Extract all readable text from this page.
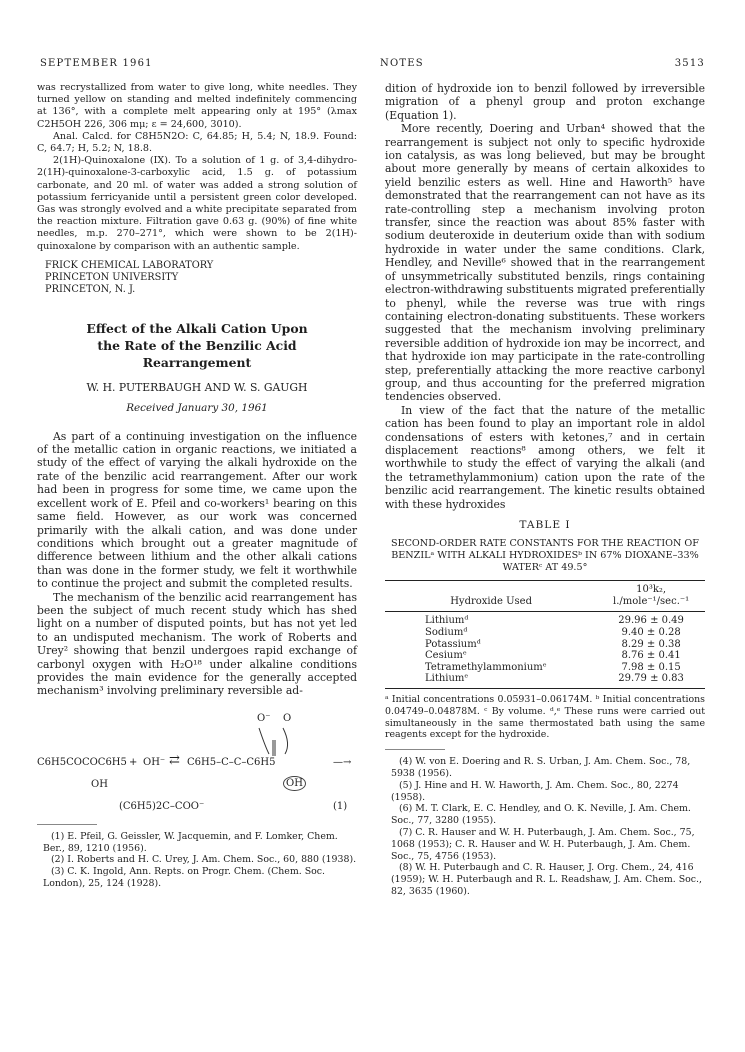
SEPTEMBER 1961	NOTES	3513

was recrystallized from water to give long, white needles. They turned yellow on standing and melted indefinitely commencing at 136°, with a complete melt appearing only at 195° (λmax C2H5OH 226, 306 mμ; ε = 24,600, 3010).

Anal. Calcd. for C8H5N2O: C, 64.85; H, 5.4; N, 18.9. Found: C, 64.7; H, 5.2; N, 18.8.

2(1H)-Quinoxalone (IX). To a solution of 1 g. of 3,4-dihydro-2(1H)-quinoxalone-3-carboxylic acid, 1.5 g. of potassium carbonate, and 20 ml. of water was added a strong solution of potassium ferricyanide until a persistent green color developed. Gas was strongly evolved and a white precipitate separated from the reaction mixture. Filtration gave 0.63 g. (90%) of fine white needles, m.p. 270–271°, which were shown to be 2(1H)-quinoxalone by comparison with an authentic sample.

FRICK CHEMICAL LABORATORY

PRINCETON UNIVERSITY

PRINCETON, N. J.

Effect of the Alkali Cation Upon
the Rate of the Benzilic Acid
Rearrangement
W. H. PUTERBAUGH AND W. S. GAUGH
Received January 30, 1961

As part of a continuing investigation on the influence of the metallic cation in organic reactions, we initiated a study of the effect of varying the alkali hydroxide on the rate of the benzilic acid rearrangement. After our work had been in progress for some time, we came upon the excellent work of E. Pfeil and co-workers¹ bearing on this same field. However, as our work was concerned primarily with the alkali cation, and was done under conditions which brought out a greater magnitude of difference between lithium and the other alkali cations than was done in the former study, we felt it worthwhile to continue the project and submit the completed results.

The mechanism of the benzilic acid rearrangement has been the subject of much recent study which has shed light on a number of disputed points, but has not yet led to an undisputed mechanism. The work of Roberts and Urey² showing that benzil undergoes rapid exchange of carbonyl oxygen with H₂O¹⁸ under alkaline conditions provides the main evidence for the generally accepted mechanism³ involving preliminary reversible ad-

C6H5COCOC6H5 + OH⁻ ⇄ C6H5–C–C–C6H5
O⁻ O
OH
—→
OH
(C6H5)2C–COO⁻	(1)

(1) E. Pfeil, G. Geissler, W. Jacquemin, and F. Lomker, Chem. Ber., 89, 1210 (1956).

(2) I. Roberts and H. C. Urey, J. Am. Chem. Soc., 60, 880 (1938).

(3) C. K. Ingold, Ann. Repts. on Progr. Chem. (Chem. Soc. London), 25, 124 (1928).

dition of hydroxide ion to benzil followed by irreversible migration of a phenyl group and proton exchange (Equation 1).

More recently, Doering and Urban⁴ showed that the rearrangement is subject not only to specific hydroxide ion catalysis, as was long believed, but may be brought about more generally by means of certain alkoxides to yield benzilic esters as well. Hine and Haworth⁵ have demonstrated that the rearrangement can not have as its rate-controlling step a mechanism involving proton transfer, since the reaction was about 85% faster with sodium deuteroxide in deuterium oxide than with sodium hydroxide in water under the same conditions. Clark, Hendley, and Neville⁶ showed that in the rearrangement of unsymmetrically substituted benzils, rings containing electron-withdrawing substituents migrated preferentially to phenyl, while the reverse was true with rings containing electron-donating substituents. These workers suggested that the mechanism involving preliminary reversible addition of hydroxide ion may be incorrect, and that hydroxide ion may participate in the rate-controlling step, preferentially attacking the more reactive carbonyl group, and thus accounting for the preferred migration tendencies observed.

In view of the fact that the nature of the metallic cation has been found to play an important role in aldol condensations of esters with ketones,⁷ and in certain displacement reactions⁸ among others, we felt it worthwhile to study the effect of varying the alkali (and the tetramethylammonium) cation upon the rate of the benzilic acid rearrangement. The kinetic results obtained with these hydroxides

TABLE I
SECOND-ORDER RATE CONSTANTS FOR THE REACTION OF BENZILᵃ WITH ALKALI HYDROXIDESᵇ IN 67% DIOXANE–33% WATERᶜ AT 49.5°
Hydroxide Used	10³k₂,
l./mole⁻¹/sec.⁻¹

Lithiumᵈ	29.96 ± 0.49
Sodiumᵈ	9.40 ± 0.28
Potassiumᵈ	8.29 ± 0.38
Cesiumᵉ	8.76 ± 0.41
Tetramethylammoniumᵉ	7.98 ± 0.15
Lithiumᵉ	29.79 ± 0.83
ᵃ Initial concentrations 0.05931–0.06174M. ᵇ Initial concentrations 0.04749–0.04878M. ᶜ By volume. ᵈ,ᵉ These runs were carried out simultaneously in the same thermostated bath using the same reagents except for the hydroxide.

(4) W. von E. Doering and R. S. Urban, J. Am. Chem. Soc., 78, 5938 (1956).

(5) J. Hine and H. W. Haworth, J. Am. Chem. Soc., 80, 2274 (1958).

(6) M. T. Clark, E. C. Hendley, and O. K. Neville, J. Am. Chem. Soc., 77, 3280 (1955).

(7) C. R. Hauser and W. H. Puterbaugh, J. Am. Chem. Soc., 75, 1068 (1953); C. R. Hauser and W. H. Puterbaugh, J. Am. Chem. Soc., 75, 4756 (1953).

(8) W. H. Puterbaugh and C. R. Hauser, J. Org. Chem., 24, 416 (1959); W. H. Puterbaugh and R. L. Readshaw, J. Am. Chem. Soc., 82, 3635 (1960).
